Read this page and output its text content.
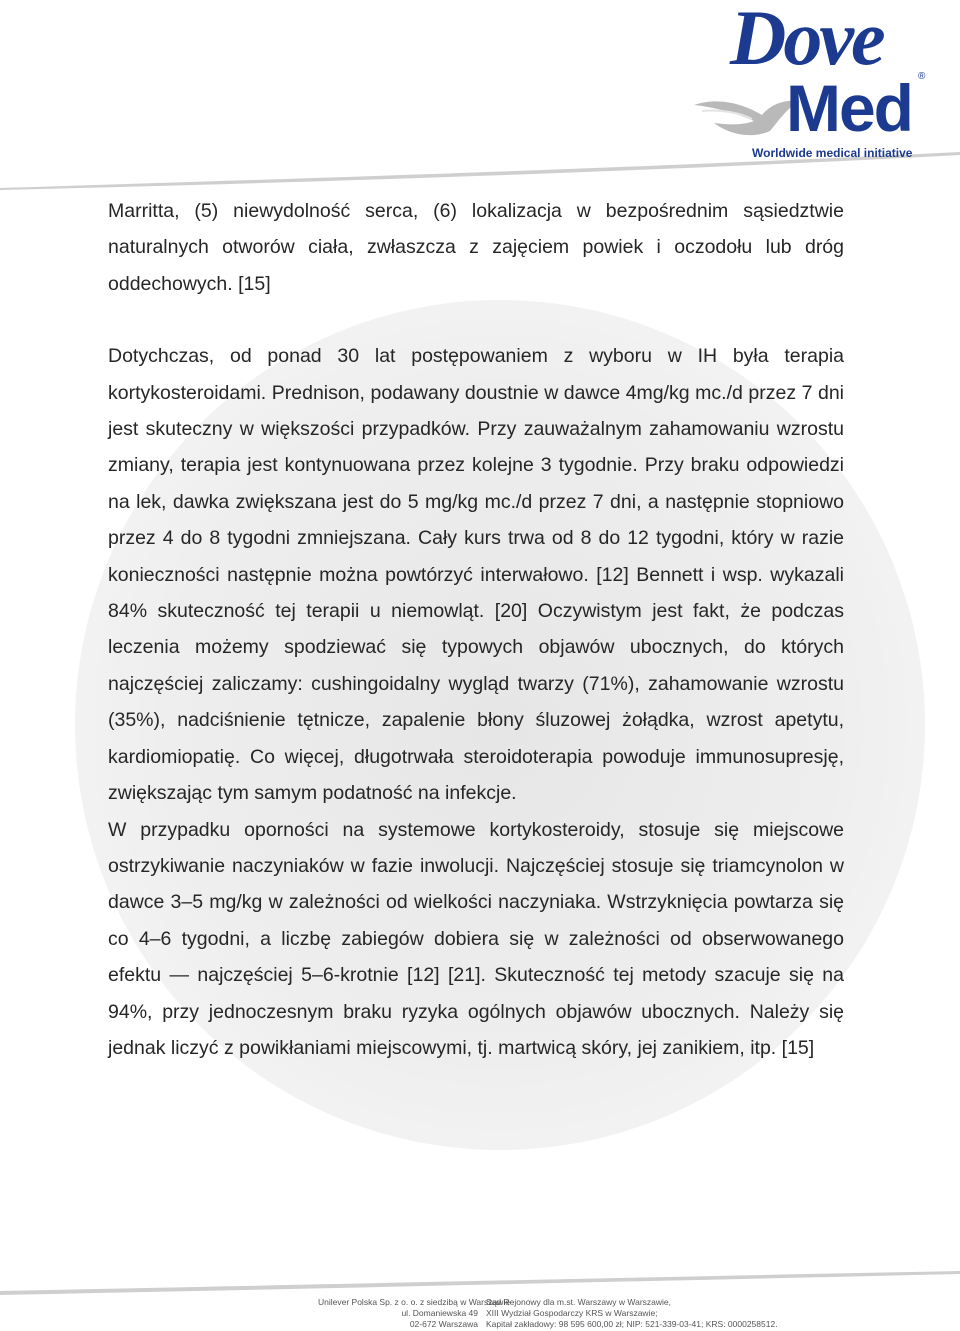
Dove
Med ®
Worldwide medical initiative

Marritta, (5) niewydolność serca, (6) lokalizacja w bezpośrednim sąsiedztwie naturalnych otworów ciała, zwłaszcza z zajęciem powiek i oczodołu lub dróg oddechowych. [15]

Dotychczas, od ponad 30 lat postępowaniem z wyboru w IH była terapia kortykosteroidami. Prednison, podawany doustnie w dawce 4mg/kg mc./d przez 7 dni jest skuteczny w większości przypadków. Przy zauważalnym zahamowaniu wzrostu zmiany, terapia jest kontynuowana przez kolejne 3 tygodnie. Przy braku odpowiedzi na lek, dawka zwiększana jest do 5 mg/kg mc./d przez 7 dni, a następnie stopniowo przez 4 do 8 tygodni zmniejszana. Cały kurs trwa od 8 do 12 tygodni, który w razie konieczności następnie można powtórzyć interwałowo. [12] Bennett i wsp. wykazali 84% skuteczność tej terapii u niemowląt. [20] Oczywistym jest fakt, że podczas leczenia możemy spodziewać się typowych objawów ubocznych, do których najczęściej zaliczamy: cushingoidalny wygląd twarzy (71%), zahamowanie wzrostu (35%), nadciśnienie tętnicze, zapalenie błony śluzowej żołądka, wzrost apetytu, kardiomiopatię. Co więcej, długotrwała steroidoterapia powoduje immunosupresję, zwiększając tym samym podatność na infekcje.

W przypadku oporności na systemowe kortykosteroidy, stosuje się miejscowe ostrzykiwanie naczyniaków w fazie inwolucji. Najczęściej stosuje się triamcynolon w dawce 3–5 mg/kg w zależności od wielkości naczyniaka. Wstrzyknięcia powtarza się co 4–6 tygodni, a liczbę zabiegów dobiera się w zależności od obserwowanego efektu — najczęściej 5–6-krotnie [12] [21]. Skuteczność tej metody szacuje się na 94%, przy jednoczesnym braku ryzyka ogólnych objawów ubocznych. Należy się jednak liczyć z powikłaniami miejscowymi, tj. martwicą skóry, jej zanikiem, itp. [15]

Unilever Polska Sp. z o. o. z siedzibą w Warszawie
ul. Domaniewska 49
02-672 Warszawa
Sąd Rejonowy dla m.st. Warszawy w Warszawie,
XIII Wydział Gospodarczy KRS w Warszawie;
Kapitał zakładowy: 98 595 600,00 zł; NIP: 521-339-03-41; KRS: 0000258512.
